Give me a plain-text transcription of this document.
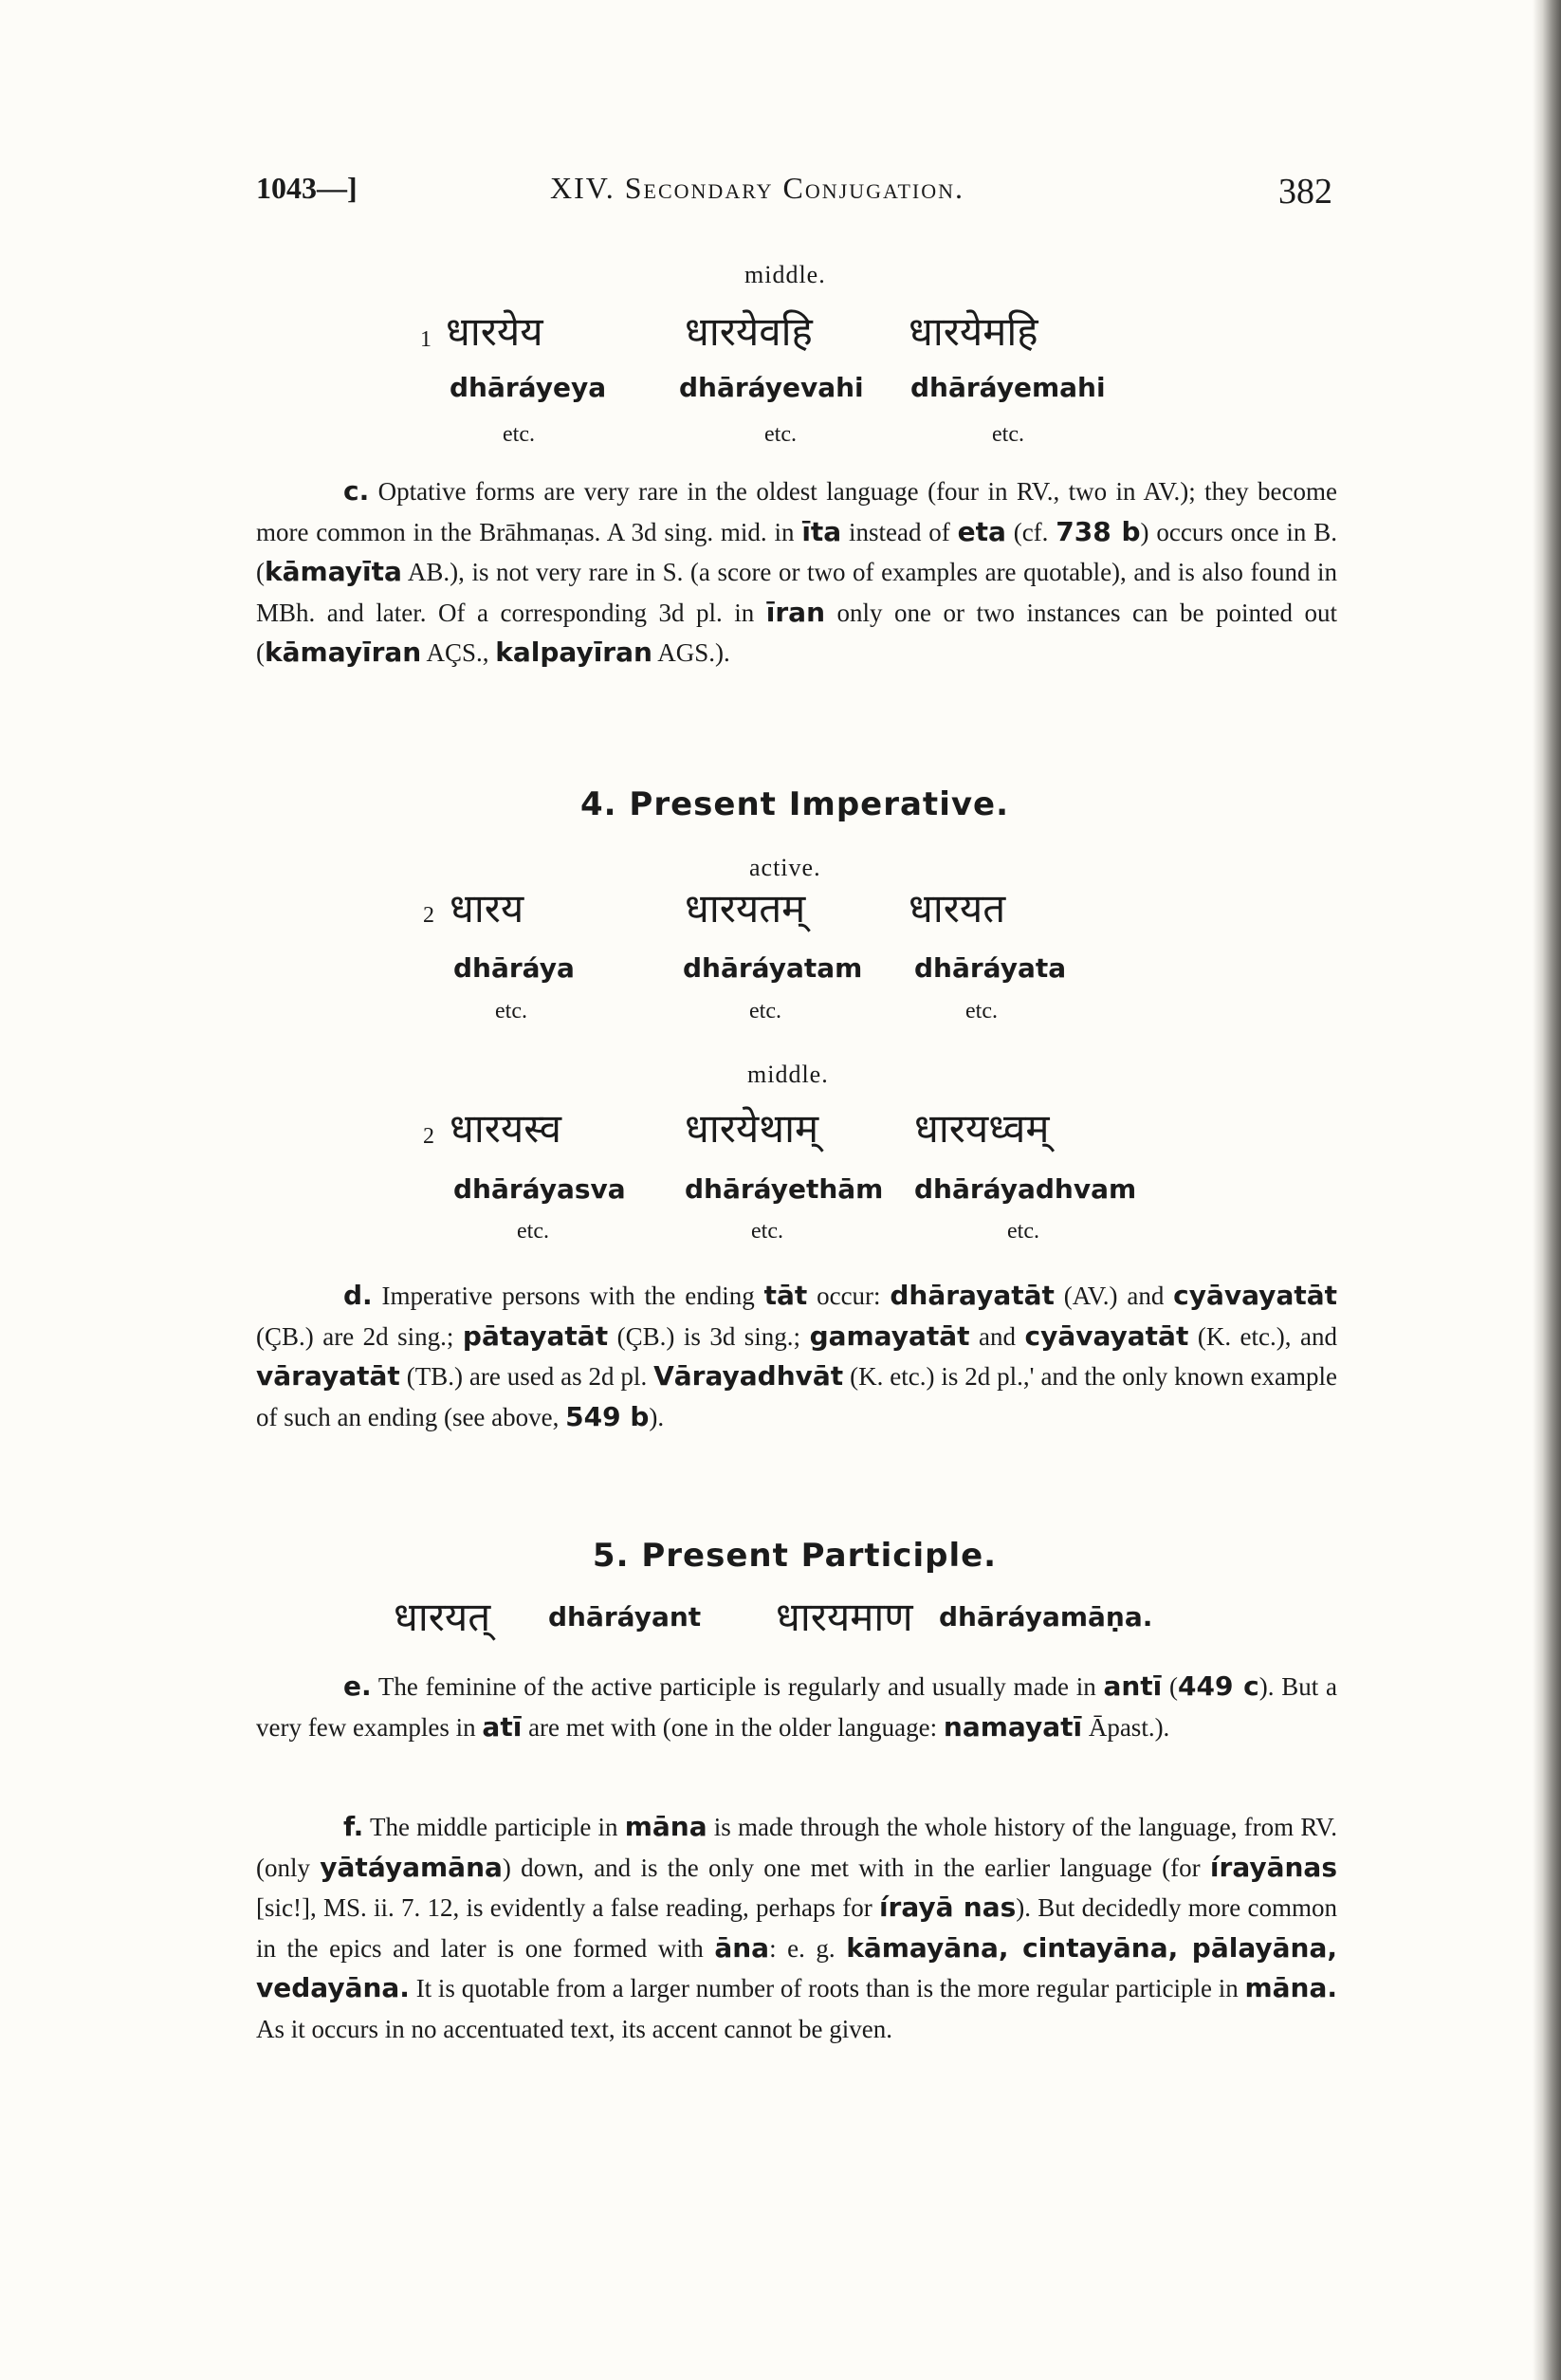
1043—]	XIV. Secondary Conjugation.	382
middle.
1 धारयेय	धारयेवहि धारयेमहि
dhāráyeya	dhāráyevahi dhāráyemahi
etc.	etc.	etc.

c. Optative forms are very rare in the oldest language (four in RV., two in AV.); they become more common in the Brāhmaṇas. A 3d sing. mid. in īta instead of eta (cf. 738 b) occurs once in B. (kāmayīta AB.), is not very rare in S. (a score or two of examples are quotable), and is also found in MBh. and later. Of a corresponding 3d pl. in īran only one or two instances can be pointed out (kāmayīran AÇS., kalpayīran AGS.).

4. Present Imperative.
active.
2 धारय	धारयतम्	धारयत
dhāráya	dhāráyatam dhāráyata
etc.	etc.	etc.
middle.
2 धारयस्व	धारयेथाम् धारयध्वम्
dhāráyasva dhāráyethām dhāráyadhvam
etc.	etc.	etc.

d. Imperative persons with the ending tāt occur: dhārayatāt (AV.) and cyāvayatāt (ÇB.) are 2d sing.; pātayatāt (ÇB.) is 3d sing.; gamayatāt and cyāvayatāt (K. etc.), and vārayatāt (TB.) are used as 2d pl. Vārayadhvāt (K. etc.) is 2d pl.,' and the only known example of such an ending (see above, 549 b).

5. Present Participle.
धारयत् dhāráyant धारयमाण dhāráyamāṇa.

e. The feminine of the active participle is regularly and usually made in antī (449 c). But a very few examples in atī are met with (one in the older language: namayatī Āpast.).

f. The middle participle in māna is made through the whole history of the language, from RV. (only yātáyamāna) down, and is the only one met with in the earlier language (for írayānas [sic!], MS. ii. 7. 12, is evidently a false reading, perhaps for írayā nas). But decidedly more common in the epics and later is one formed with āna: e. g. kāmayāna, cintayāna, pālayāna, vedayāna. It is quotable from a larger number of roots than is the more regular participle in māna. As it occurs in no accentuated text, its accent cannot be given.
